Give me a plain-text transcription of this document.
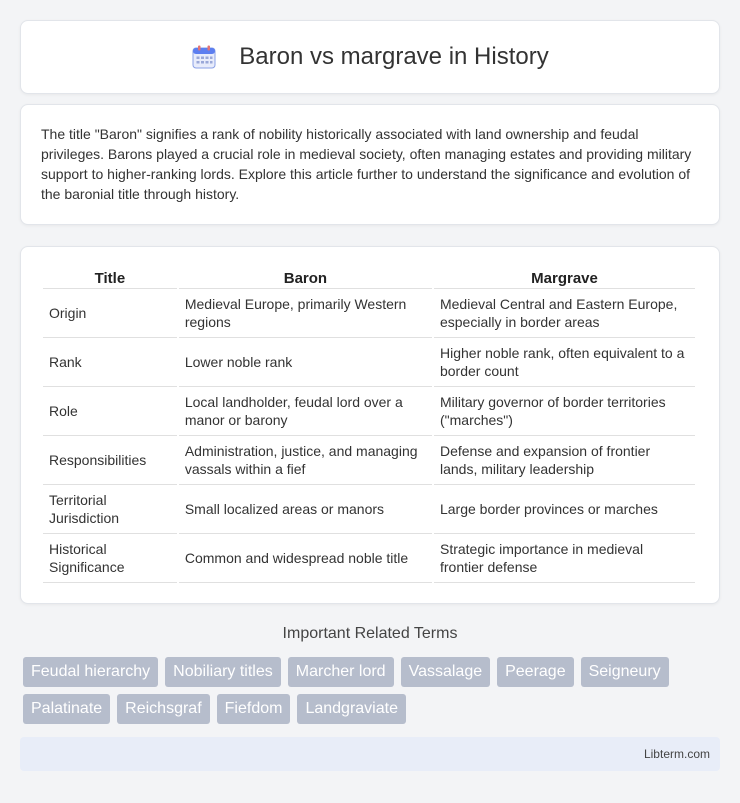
Baron vs margrave in History

The title "Baron" signifies a rank of nobility historically associated with land ownership and feudal privileges. Barons played a crucial role in medieval society, often managing estates and providing military support to higher-ranking lords. Explore this article further to understand the significance and evolution of the baronial title through history.

Title	Baron	Margrave
Origin	Medieval Europe, primarily Western regions	Medieval Central and Eastern Europe, especially in border areas
Rank	Lower noble rank	Higher noble rank, often equivalent to a border count
Role	Local landholder, feudal lord over a manor or barony	Military governor of border territories ("marches")
Responsibilities	Administration, justice, and managing vassals within a fief	Defense and expansion of frontier lands, military leadership
Territorial Jurisdiction	Small localized areas or manors	Large border provinces or marches
Historical Significance	Common and widespread noble title	Strategic importance in medieval frontier defense
Important Related Terms
Feudal hierarchy	Nobiliary titles	Marcher lord	Vassalage	Peerage	Seigneury
Palatinate	Reichsgraf	Fiefdom	Landgraviate
Libterm.com
